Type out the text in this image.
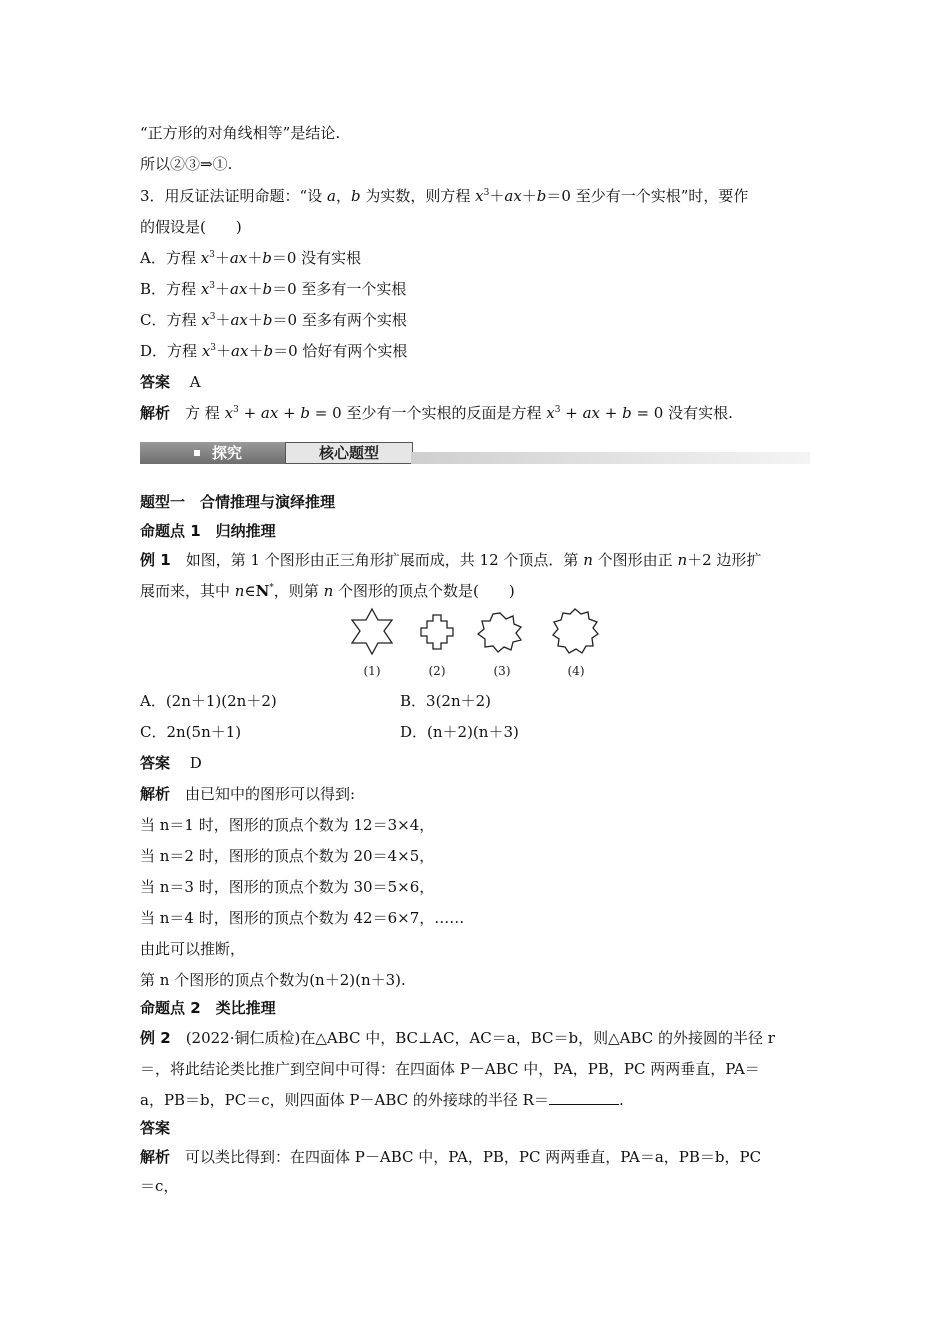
“正方形的对角线相等”是结论.
所以②③⇒①.
3．用反证法证明命题：“设 a，b 为实数，则方程 $x^3+ax+b=0$ 至少有一个实根”时，要作
的假设是(　　)
A．方程 $x^3+ax+b=0$ 没有实根
B．方程 $x^3+ax+b=0$ 至多有一个实根
C．方程 $x^3+ax+b=0$ 至多有两个实根
D．方程 $x^3+ax+b=0$ 恰好有两个实根
答案　 A
解析　 方 程 $x^3$ + ax + b = 0 至少有一个实根的反面是方程 $x^3$ + ax + b = 0 没有实根.
探究	核心题型
题型一　合情推理与演绎推理
命题点 1　归纳推理
例 1　 如图，第 1 个图形由正三角形扩展而成，共 12 个顶点．第 n 个图形由正 n＋2 边形扩
展而来，其中 n∈N*，则第 n 个图形的顶点个数是(　　)
(1)	(2)	(3)	(4)
A．(2n＋1)(2n＋2)	B．3(2n＋2)
C．2n(5n＋1)	D．(n＋2)(n＋3)
答案　 D
解析　 由已知中的图形可以得到:
当 n＝1 时，图形的顶点个数为 12＝3×4，
当 n＝2 时，图形的顶点个数为 20＝4×5，
当 n＝3 时，图形的顶点个数为 30＝5×6，
当 n＝4 时，图形的顶点个数为 42＝6×7，……
由此可以推断，
第 n 个图形的顶点个数为(n＋2)(n＋3).
命题点 2　类比推理
例 2　 (2022·铜仁质检)在△ABC 中，BC⊥AC，AC＝a，BC＝b，则△ABC 的外接圆的半径 r
＝，将此结论类比推广到空间中可得：在四面体 P－ABC 中，PA，PB，PC 两两垂直，PA＝
a，PB＝b，PC＝c，则四面体 P－ABC 的外接球的半径 R＝	.
答案
解析　 可以类比得到：在四面体 P－ABC 中，PA，PB，PC 两两垂直，PA＝a，PB＝b，PC
＝c，
